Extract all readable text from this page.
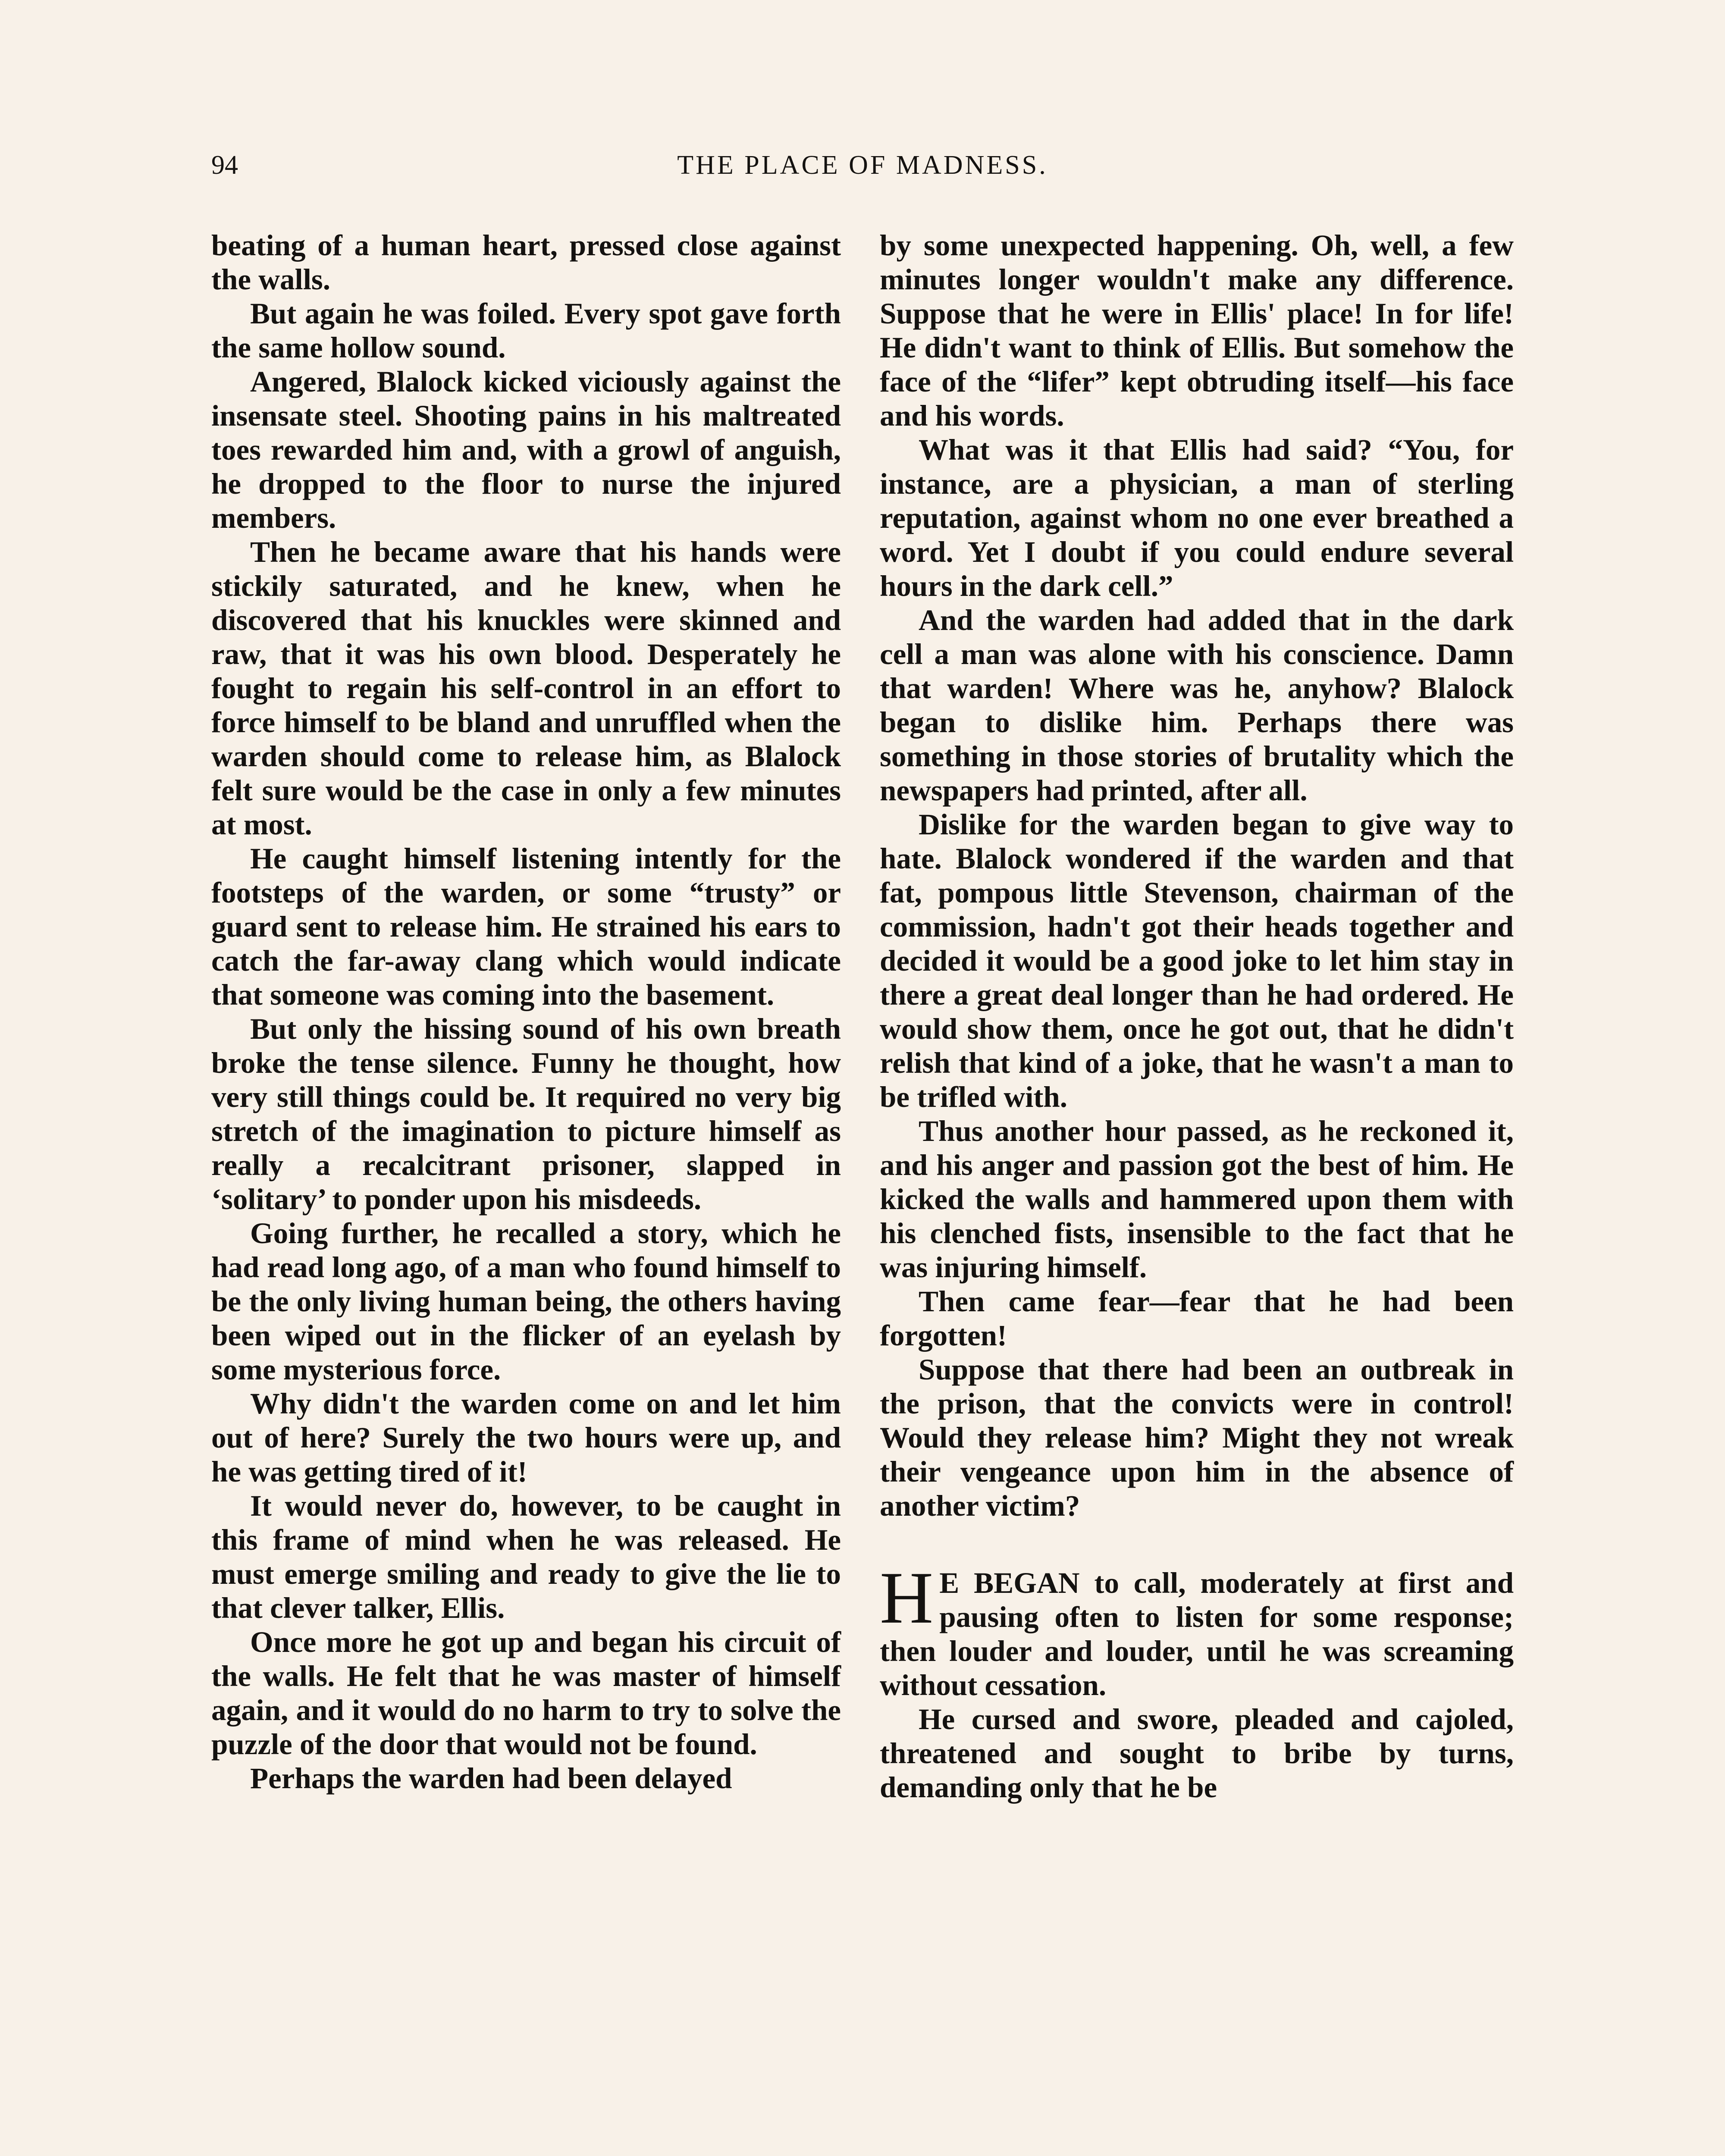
94	THE PLACE OF MADNESS.

beating of a human heart, pressed close against the walls.

But again he was foiled. Every spot gave forth the same hollow sound.

Angered, Blalock kicked viciously against the insensate steel. Shooting pains in his maltreated toes rewarded him and, with a growl of anguish, he dropped to the floor to nurse the injured members.

Then he became aware that his hands were stickily saturated, and he knew, when he discovered that his knuckles were skinned and raw, that it was his own blood. Desperately he fought to regain his self-control in an effort to force himself to be bland and unruffled when the warden should come to release him, as Blalock felt sure would be the case in only a few minutes at most.

He caught himself listening intently for the footsteps of the warden, or some “trusty” or guard sent to release him. He strained his ears to catch the far-away clang which would indicate that someone was coming into the basement.

But only the hissing sound of his own breath broke the tense silence. Funny he thought, how very still things could be. It required no very big stretch of the imagination to picture himself as really a recalcitrant prisoner, slapped in ‘solitary’ to ponder upon his misdeeds.

Going further, he recalled a story, which he had read long ago, of a man who found himself to be the only living human being, the others having been wiped out in the flicker of an eyelash by some mysterious force.

Why didn't the warden come on and let him out of here? Surely the two hours were up, and he was getting tired of it!

It would never do, however, to be caught in this frame of mind when he was released. He must emerge smiling and ready to give the lie to that clever talker, Ellis.

Once more he got up and began his circuit of the walls. He felt that he was master of himself again, and it would do no harm to try to solve the puzzle of the door that would not be found.

Perhaps the warden had been delayed

by some unexpected happening. Oh, well, a few minutes longer wouldn't make any difference. Suppose that he were in Ellis' place! In for life! He didn't want to think of Ellis. But somehow the face of the “lifer” kept obtruding itself—his face and his words.

What was it that Ellis had said? “You, for instance, are a physician, a man of sterling reputation, against whom no one ever breathed a word. Yet I doubt if you could endure several hours in the dark cell.”

And the warden had added that in the dark cell a man was alone with his conscience. Damn that warden! Where was he, anyhow? Blalock began to dislike him. Perhaps there was something in those stories of brutality which the newspapers had printed, after all.

Dislike for the warden began to give way to hate. Blalock wondered if the warden and that fat, pompous little Stevenson, chairman of the commission, hadn't got their heads together and decided it would be a good joke to let him stay in there a great deal longer than he had ordered. He would show them, once he got out, that he didn't relish that kind of a joke, that he wasn't a man to be trifled with.

Thus another hour passed, as he reckoned it, and his anger and passion got the best of him. He kicked the walls and hammered upon them with his clenched fists, insensible to the fact that he was injuring himself.

Then came fear—fear that he had been forgotten!

Suppose that there had been an outbreak in the prison, that the convicts were in control! Would they release him? Might they not wreak their vengeance upon him in the absence of another victim?

H E BEGAN to call, moderately at first and pausing often to listen for some response; then louder and louder, until he was screaming without cessation.

He cursed and swore, pleaded and cajoled, threatened and sought to bribe by turns, demanding only that he be
